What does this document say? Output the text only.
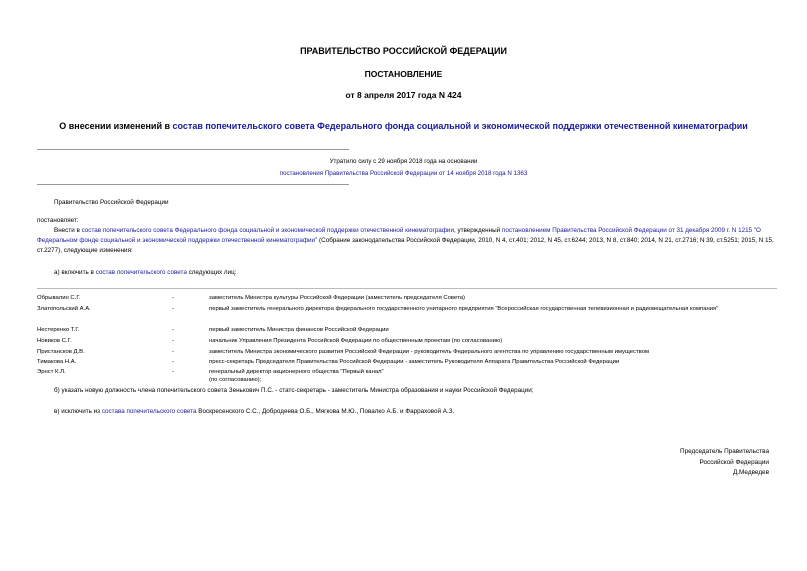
ПРАВИТЕЛЬСТВО РОССИЙСКОЙ ФЕДЕРАЦИИ
ПОСТАНОВЛЕНИЕ
от 8 апреля 2017 года N 424
О внесении изменений в состав попечительского совета Федерального фонда социальной и экономической поддержки отечественной кинематографии
Утратило силу с 29 ноября 2018 года на основании
постановления Правительства Российской Федерации от 14 ноября 2018 года N 1363
Правительство Российской Федерации
постановляет:
Внести в состав попечительского совета Федерального фонда социальной и экономической поддержки отечественной кинематографии, утвержденный постановлением Правительства Российской Федерации от 31 декабря 2009 г. N 1215 "О Федеральном фонде социальной и экономической поддержки отечественной кинематографии" (Собрание законодательства Российской Федерации, 2010, N 4, ст.401; 2012, N 45, ст.6244; 2013, N 8, ст.840; 2014, N 21, ст.2716; N 39, ст.5251; 2015, N 15, ст.2277), следующие изменения:
а) включить в состав попечительского совета следующих лиц:
Обрывалин С.Г.	-	заместитель Министра культуры Российской Федерации (заместитель председателя Совета)
Златопольский А.А.	-	первый заместитель генерального директора федерального государственного унитарного предприятия "Всероссийская государственная телевизионная и радиовещательная компания"
Нестеренко Т.Г.	-	первый заместитель Министра финансов Российской Федерации
Новиков С.Г.	-	начальник Управления Президента Российской Федерации по общественным проектам (по согласованию)
Пристансков Д.В.	-	заместитель Министра экономического развития Российской Федерации - руководитель Федерального агентства по управлению государственным имуществом
Тимакова Н.А.	-	пресс-секретарь Председателя Правительства Российской Федерации - заместитель Руководителя Аппарата Правительства Российской Федерации
Эрнст К.Л.	-	генеральный директор акционерного общества "Первый канал"
(по согласованию);
б) указать новую должность члена попечительского совета Зенькович П.С. - статс-секретарь - заместитель Министра образования и науки Российской Федерации;
в) исключить из состава попечительского совета Воскресенского С.С., Добродеева О.Б., Мягкова М.Ю., Повалко А.Б. и Фарраховой А.З.
Председатель Правительства
Российской Федерации
Д.Медведев
